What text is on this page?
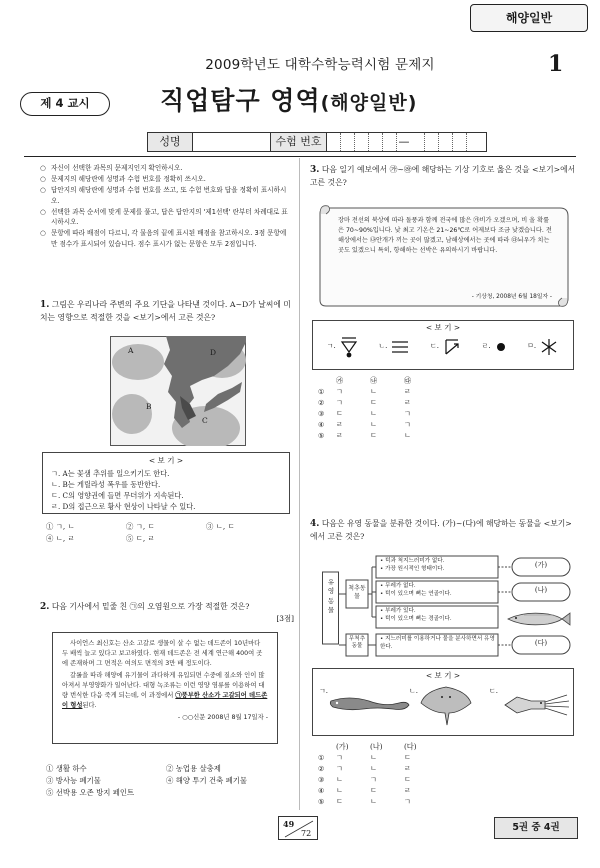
해양일반
2009학년도 대학수학능력시험 문제지	1
제 4 교시	직업탐구 영역(해양일반)
성명	수험 번호	—
○ 자신이 선택한 과목의 문제지인지 확인하시오.
○ 문제지의 해당란에 성명과 수험 번호를 정확히 쓰시오.
○ 답안지의 해당란에 성명과 수험 번호를 쓰고, 또 수험 번호와 답을 정확히 표시하시오.
○ 선택한 과목 순서에 맞게 문제를 풀고, 답은 답안지의 '제1선택' 란부터 차례대로 표시하시오.
○ 문항에 따라 배점이 다르니, 각 물음의 끝에 표시된 배점을 참고하시오. 3점 문항에만 점수가 표시되어 있습니다. 점수 표시가 없는 문항은 모두 2점입니다.
1. 그림은 우리나라 주변의 주요 기단을 나타낸 것이다. A~D가 날씨에 미치는 영향으로 적절한 것을 <보기>에서 고른 것은?
A
B
C
D
< 보 기 >
ㄱ. A는 꽃샘 추위를 일으키기도 한다.
ㄴ. B는 게릴라성 폭우를 동반한다.
ㄷ. C의 영향권에 들면 무더위가 지속된다.
ㄹ. D의 접근으로 황사 현상이 나타날 수 있다.
① ㄱ, ㄴ	② ㄱ, ㄷ	③ ㄴ, ㄷ
④ ㄴ, ㄹ	⑤ ㄷ, ㄹ
2. 다음 기사에서 밑줄 친 ㉠의 오염원으로 가장 적절한 것은?
[3점]
사이언스 최신호는 산소 고갈로 생물이 살 수 없는 데드존이 10년마다 두 배씩 늘고 있다고 보고하였다. 현재 데드존은 전 세계 연근해 400여 곳에 존재하며 그 면적은 여의도 면적의 3만 배 정도이다.
갈롤을 따라 해양에 유기물이 과다하게 유입되면 수중에 질소와 인이 많아져서 부영양화가 일어난다. 대형 녹조류는 이런 영양 염류를 이용하여 대량 번식한 다음 죽게 되는데, 이 과정에서 ㉠풍부한 산소가 고갈되어 데드존이 형성된다.
- ○○신문 2008년 8월 17일자 -
① 생활 하수	② 농업용 살충제
③ 방사능 폐기물	④ 해양 투기 건축 폐기물
⑤ 선박용 오존 방지 페인트
3. 다음 일기 예보에서 ㉮~㉱에 해당하는 기상 기호로 옳은 것을 <보기>에서 고른 것은?
장마 전선의 북상에 따라 돌풍과 함께 전국에 많은 ㉮비가 오겠으며, 비 올 확률은 70~90%입니다. 낮 최고 기온은 21~26℃로 어제보다 조금 낮겠습니다. 전 해상에서는 ㉯안개가 끼는 곳이 많겠고, 남해상에서는 곳에 따라 ㉰뇌우가 치는 곳도 있겠으니 특히, 항해하는 선박은 유의하시기 바랍니다.
- 기상청, 2008년 6월 18일자 -
< 보 기 >
ㄱ.	ㄴ.	ㄷ.	ㄹ.	ㅁ.
	㉮	㉯	㉰
①	ㄱ	ㄴ	ㄹ
②	ㄱ	ㄷ	ㄹ
③	ㄷ	ㄴ	ㄱ
④	ㄹ	ㄴ	ㄱ
⑤	ㄹ	ㄷ	ㄴ
4. 다음은 유영 동물을 분류한 것이다. (가)~(다)에 해당하는 동물을 <보기>에서 고른 것은?
유영동물
척추동물
무척추동물
• 턱과 척지느러미가 없다.
• 가장 원시적인 형태이다.
• 무레가 없다.
• 턱이 있으며 뼈는 연골이다.
• 부레가 있다.
• 턱이 있으며 뼈는 경골이다.
• 지느러미를 이용하거나 물을 분사하면서 유영한다.
(가)
(나)
(다)
< 보 기 >
ㄱ.	ㄴ.	ㄷ.
	(가)	(나)	(다)
①	ㄱ	ㄴ	ㄷ
②	ㄱ	ㄴ	ㄹ
③	ㄴ	ㄱ	ㄷ
④	ㄴ	ㄷ	ㄹ
⑤	ㄷ	ㄴ	ㄱ
49
72
5권 중 4권
